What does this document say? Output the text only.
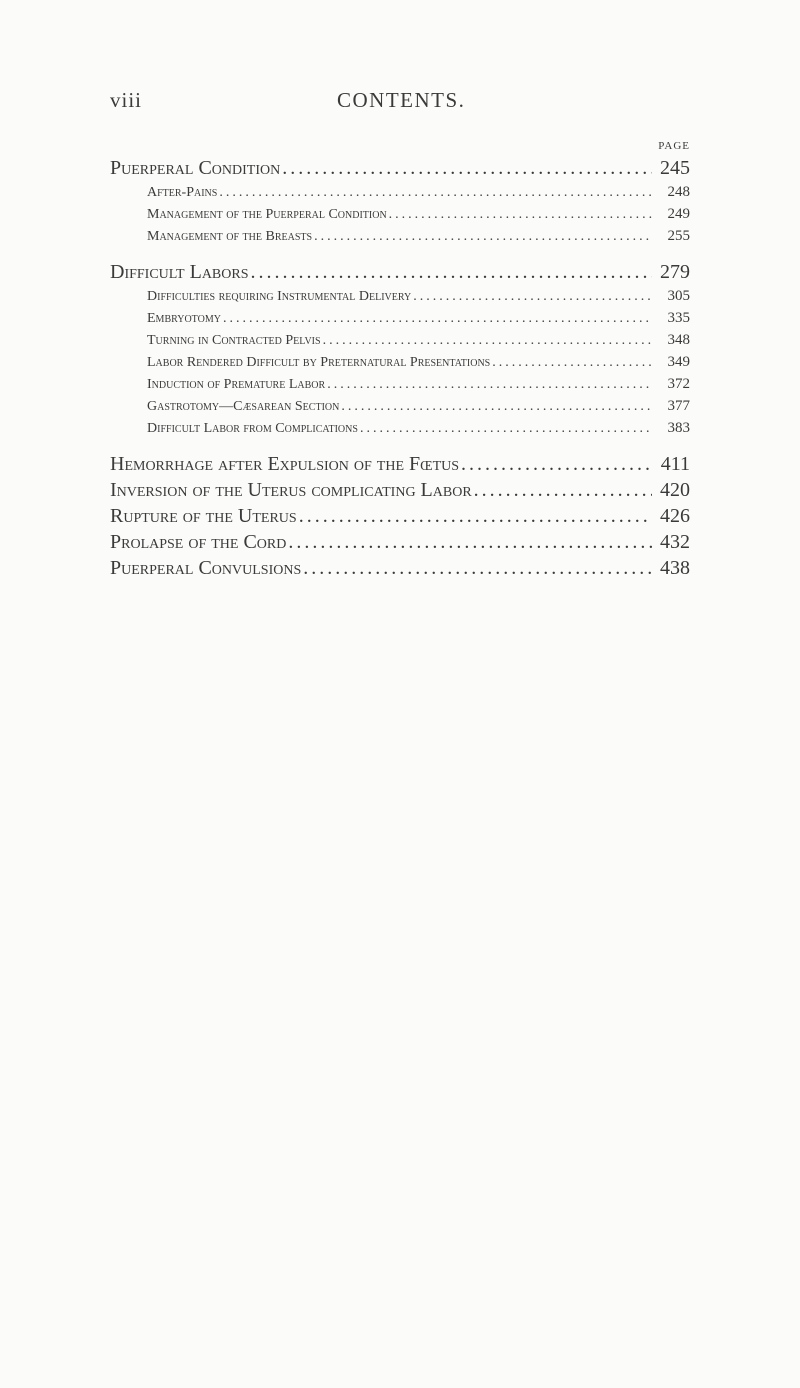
viii	CONTENTS.
PAGE
Puerperal Condition .....	245
After-Pains .....	248
Management of the Puerperal Condition .....	249
Management of the Breasts .....	255
Difficult Labors .....	279
Difficulties requiring Instrumental Delivery .....	305
Embryotomy .....	335
Turning in Contracted Pelvis .....	348
Labor Rendered Difficult by Preternatural Presentations .....	349
Induction of Premature Labor .....	372
Gastrotomy—Cæsarean Section .....	377
Difficult Labor from Complications .....	383
Hemorrhage after Expulsion of the Fœtus .....	411
Inversion of the Uterus complicating Labor .....	420
Rupture of the Uterus .....	426
Prolapse of the Cord .....	432
Puerperal Convulsions .....	438
